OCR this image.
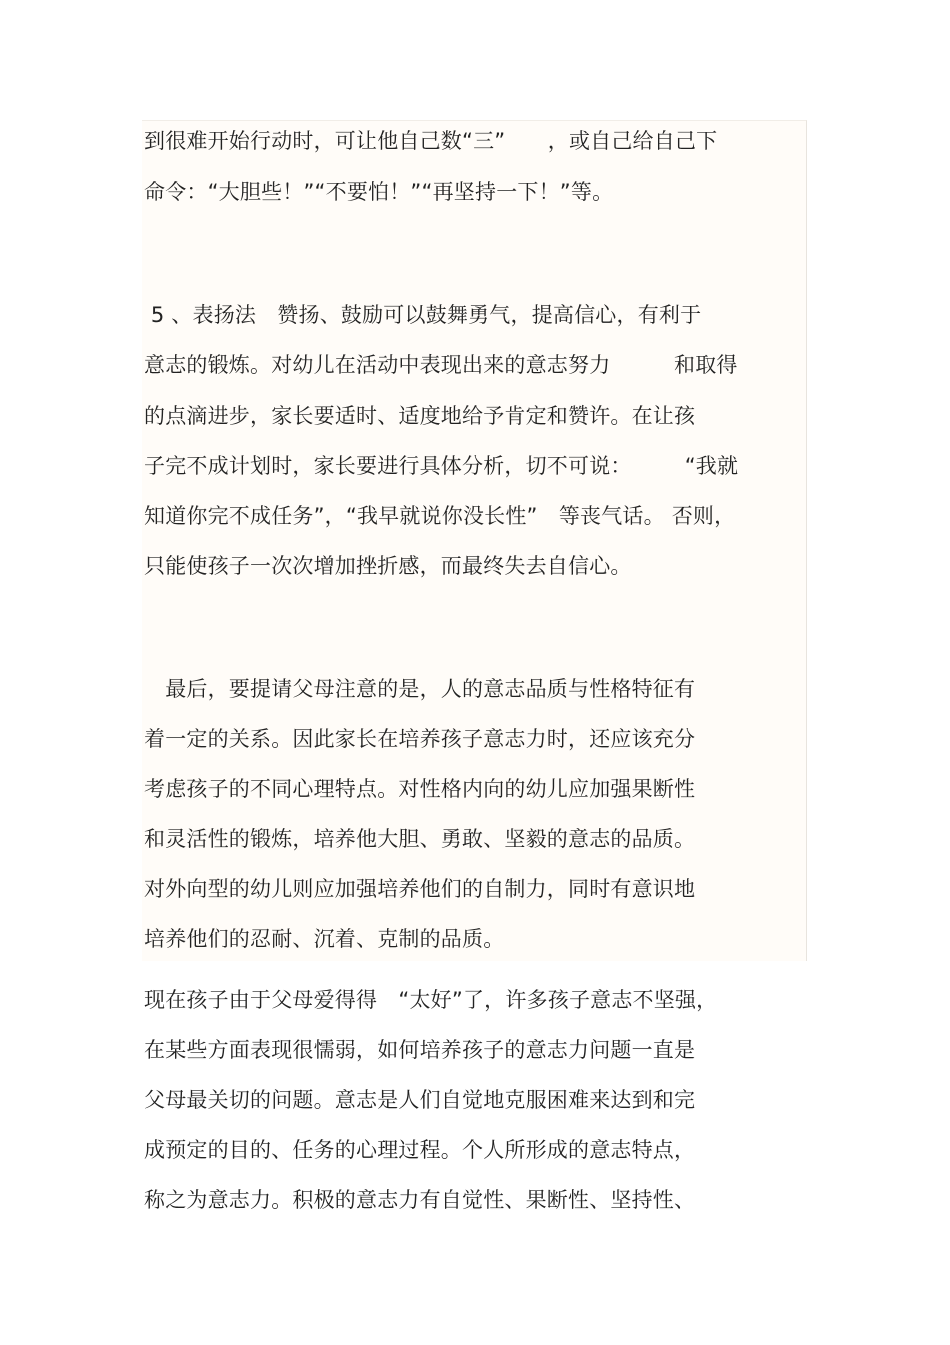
到很难开始行动时，可让他自己数“三”　　，或自己给自己下
命令：“大胆些！”“不要怕！”“再坚持一下！”等。
5 、表扬法　赞扬、鼓励可以鼓舞勇气，提高信心，有利于
意志的锻炼。对幼儿在活动中表现出来的意志努力　　　和取得
的点滴进步，家长要适时、适度地给予肯定和赞许。在让孩
子完不成计划时，家长要进行具体分析，切不可说：　　　“我就
知道你完不成任务”，“我早就说你没长性”　等丧气话。 否则，
只能使孩子一次次增加挫折感，而最终失去自信心。
　最后，要提请父母注意的是，人的意志品质与性格特征有
着一定的关系。因此家长在培养孩子意志力时，还应该充分
考虑孩子的不同心理特点。对性格内向的幼儿应加强果断性
和灵活性的锻炼，培养他大胆、勇敢、坚毅的意志的品质。
对外向型的幼儿则应加强培养他们的自制力，同时有意识地
培养他们的忍耐、沉着、克制的品质。
现在孩子由于父母爱得得　“太好”了，许多孩子意志不坚强，
在某些方面表现很懦弱，如何培养孩子的意志力问题一直是
父母最关切的问题。意志是人们自觉地克服困难来达到和完
成预定的目的、任务的心理过程。个人所形成的意志特点，
称之为意志力。积极的意志力有自觉性、果断性、坚持性、
